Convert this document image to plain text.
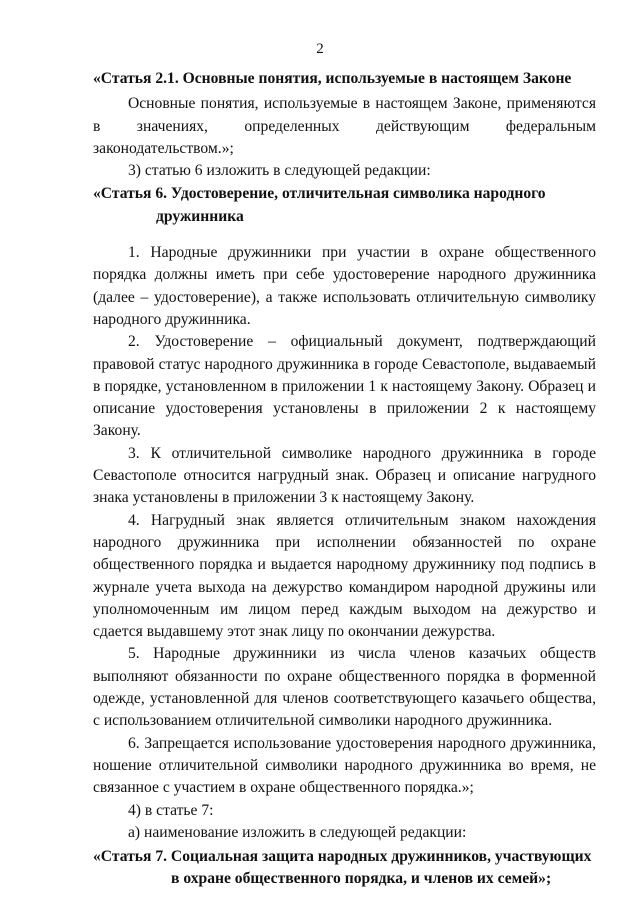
2
«Статья 2.1. Основные понятия, используемые в настоящем Законе

Основные понятия, используемые в настоящем Законе, применяются в значениях, определенных действующим федеральным законодательством.»;

3) статью 6 изложить в следующей редакции:

«Статья 6. Удостоверение, отличительная символика народного
дружинника

1. Народные дружинники при участии в охране общественного порядка должны иметь при себе удостоверение народного дружинника (далее – удостоверение), а также использовать отличительную символику народного дружинника.

2. Удостоверение – официальный документ, подтверждающий правовой статус народного дружинника в городе Севастополе, выдаваемый в порядке, установленном в приложении 1 к настоящему Закону. Образец и описание удостоверения установлены в приложении 2 к настоящему Закону.

3. К отличительной символике народного дружинника в городе Севастополе относится нагрудный знак. Образец и описание нагрудного знака установлены в приложении 3 к настоящему Закону.

4. Нагрудный знак является отличительным знаком нахождения народного дружинника при исполнении обязанностей по охране общественного порядка и выдается народному дружиннику под подпись в журнале учета выхода на дежурство командиром народной дружины или уполномоченным им лицом перед каждым выходом на дежурство и сдается выдавшему этот знак лицу по окончании дежурства.

5. Народные дружинники из числа членов казачьих обществ выполняют обязанности по охране общественного порядка в форменной одежде, установленной для членов соответствующего казачьего общества, с использованием отличительной символики народного дружинника.

6. Запрещается использование удостоверения народного дружинника, ношение отличительной символики народного дружинника во время, не связанное с участием в охране общественного порядка.»;

4) в статье 7:

а) наименование изложить в следующей редакции:

«Статья 7. Социальная защита народных дружинников, участвующих
в охране общественного порядка, и членов их семей»;
